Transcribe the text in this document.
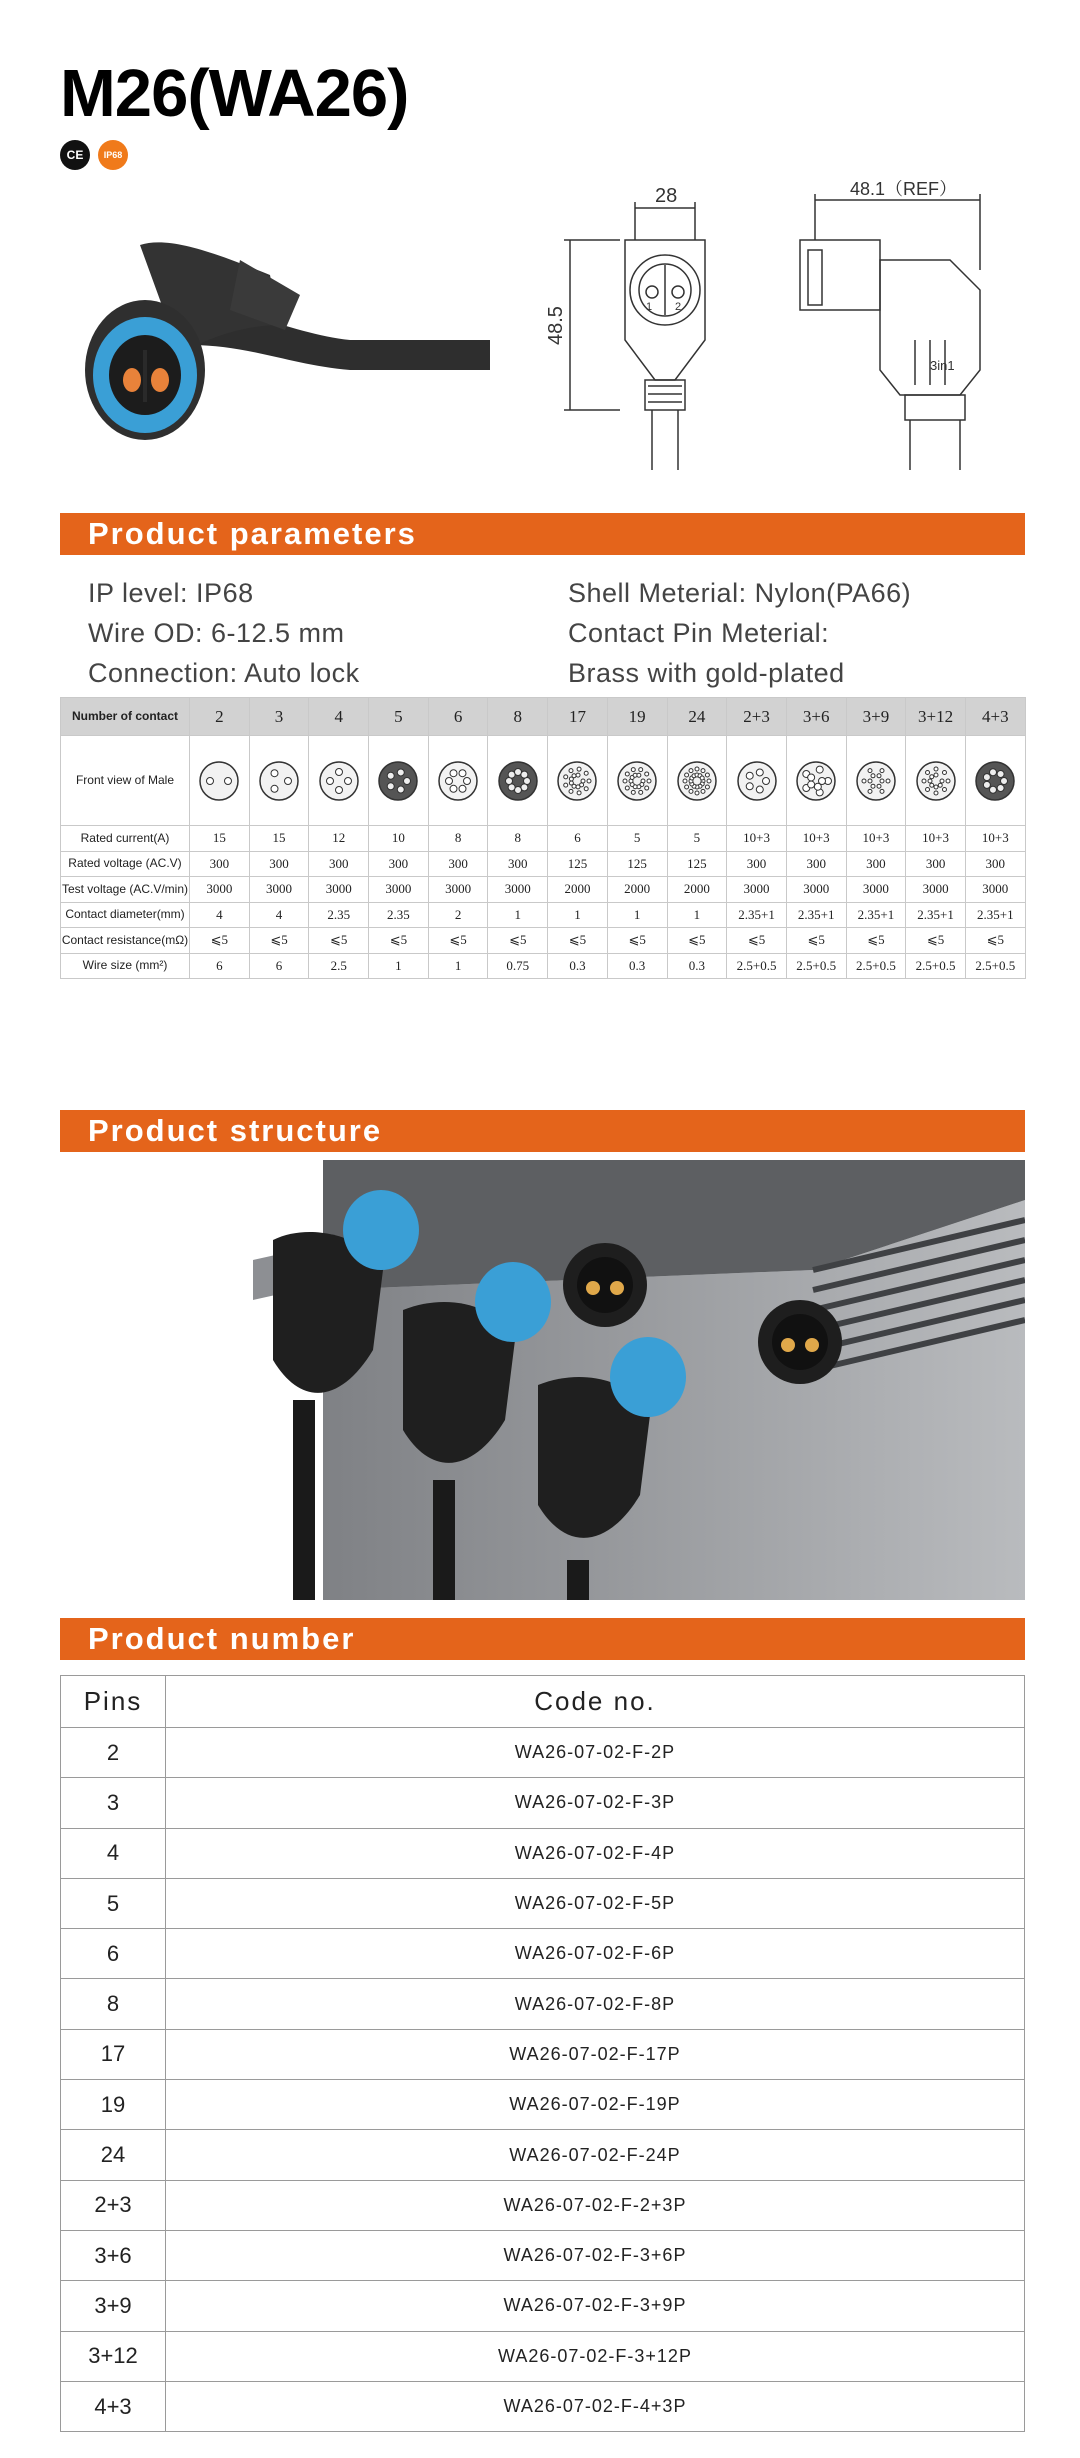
M26(WA26)
CE	IP68
28
48.5
48.1（REF）
1 2
3in1
Product parameters
IP level: IP68
Wire OD: 6-12.5 mm
Connection: Auto lock
Shell Meterial: Nylon(PA66)
Contact Pin Meterial:
Brass with gold-plated
Number of contact	2	3	4	5	6	8	17	19	24	2+3	3+6	3+9	3+12	4+3
Front view of Male	

Rated current(A)	15	15	12	10	8	8	6	5	5	10+3	10+3	10+3	10+3	10+3
Rated voltage (AC.V)	300	300	300	300	300	300	125	125	125	300	300	300	300	300
Test voltage (AC.V/min)	3000	3000	3000	3000	3000	3000	2000	2000	2000	3000	3000	3000	3000	3000
Contact diameter(mm)	4	4	2.35	2.35	2	1	1	1	1	2.35+1	2.35+1	2.35+1	2.35+1	2.35+1
Contact resistance(mΩ)	⩽5	⩽5	⩽5	⩽5	⩽5	⩽5	⩽5	⩽5	⩽5	⩽5	⩽5	⩽5	⩽5	⩽5
Wire size (mm²)	6	6	2.5	1	1	0.75	0.3	0.3	0.3	2.5+0.5	2.5+0.5	2.5+0.5	2.5+0.5	2.5+0.5
Product structure
Product number
Pins	Code no.
2	WA26-07-02-F-2P
3	WA26-07-02-F-3P
4	WA26-07-02-F-4P
5	WA26-07-02-F-5P
6	WA26-07-02-F-6P
8	WA26-07-02-F-8P
17	WA26-07-02-F-17P
19	WA26-07-02-F-19P
24	WA26-07-02-F-24P
2+3	WA26-07-02-F-2+3P
3+6	WA26-07-02-F-3+6P
3+9	WA26-07-02-F-3+9P
3+12	WA26-07-02-F-3+12P
4+3	WA26-07-02-F-4+3P
